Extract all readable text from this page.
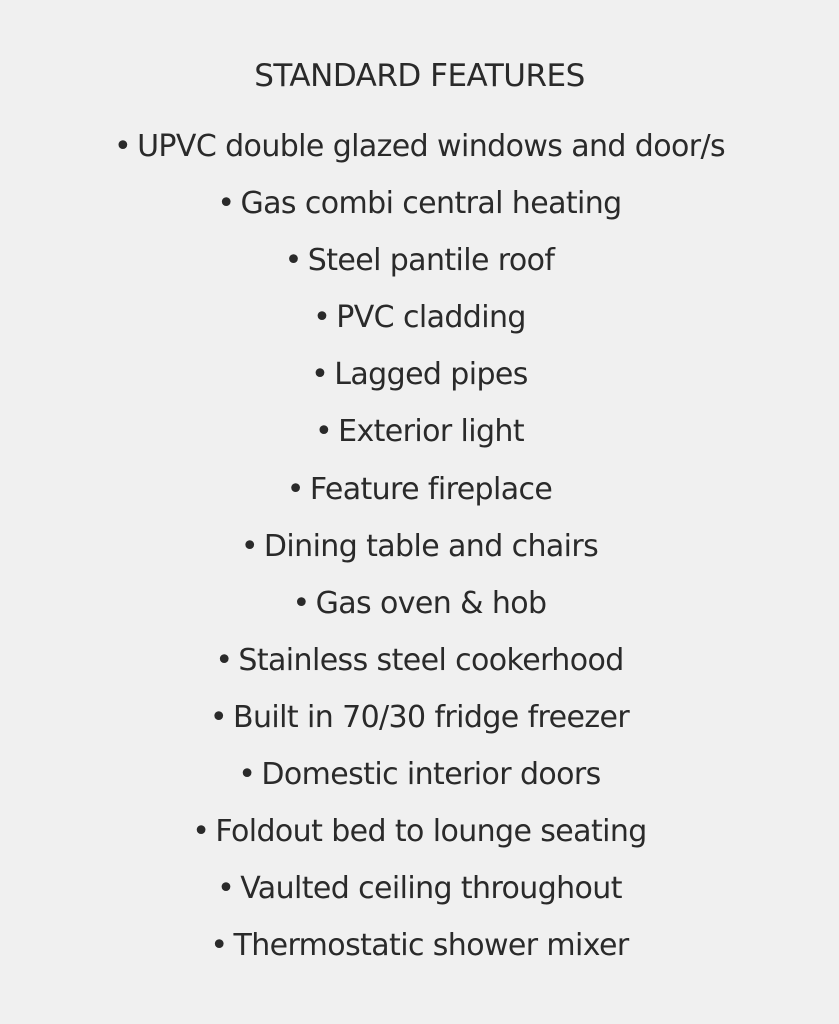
STANDARD FEATURES
• UPVC double glazed windows and door/s
• Gas combi central heating
• Steel pantile roof
• PVC cladding
• Lagged pipes
• Exterior light
• Feature fireplace
• Dining table and chairs
• Gas oven & hob
• Stainless steel cookerhood
• Built in 70/30 fridge freezer
• Domestic interior doors
• Foldout bed to lounge seating
• Vaulted ceiling throughout
• Thermostatic shower mixer
